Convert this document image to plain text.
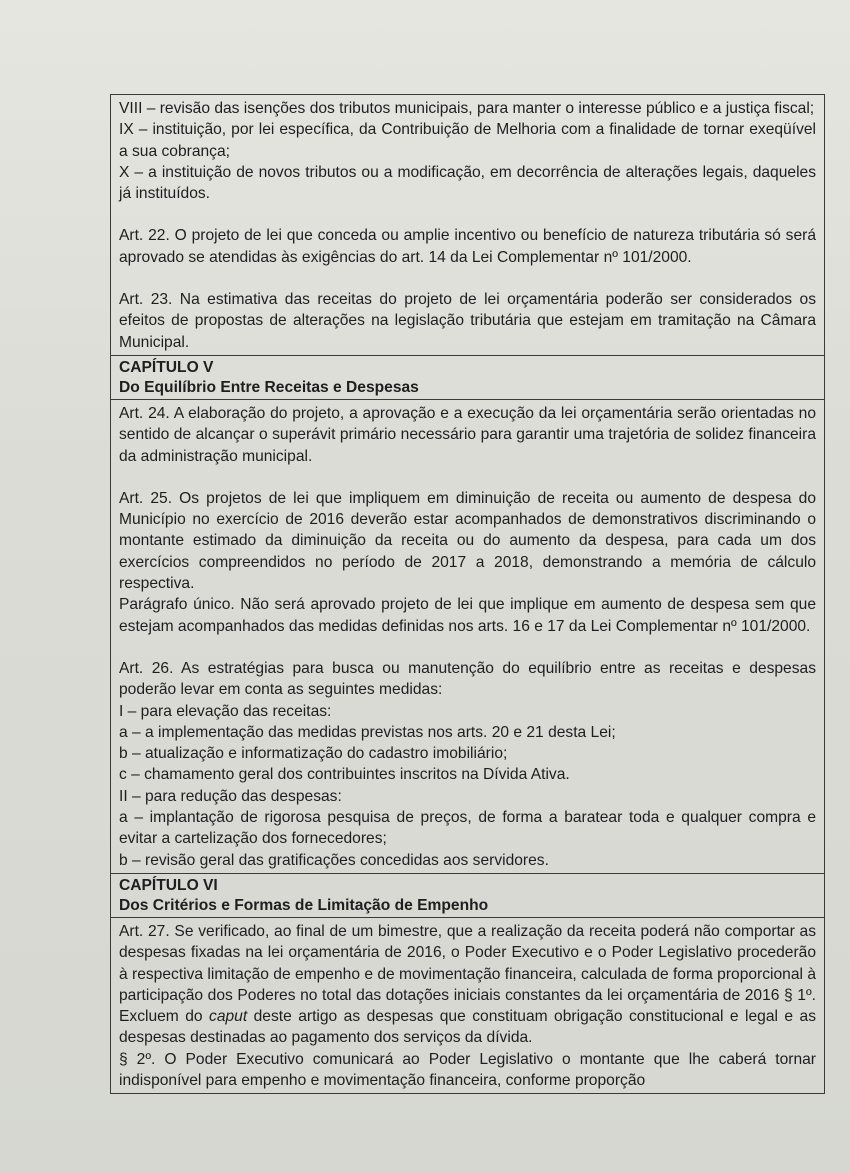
VIII – revisão das isenções dos tributos municipais, para manter o interesse público e a justiça fiscal;

IX – instituição, por lei específica, da Contribuição de Melhoria com a finalidade de tornar exeqüível a sua cobrança;

X – a instituição de novos tributos ou a modificação, em decorrência de alterações legais, daqueles já instituídos.

Art. 22. O projeto de lei que conceda ou amplie incentivo ou benefício de natureza tributária só será aprovado se atendidas às exigências do art. 14 da Lei Complementar nº 101/2000.

Art. 23. Na estimativa das receitas do projeto de lei orçamentária poderão ser considerados os efeitos de propostas de alterações na legislação tributária que estejam em tramitação na Câmara Municipal.

CAPÍTULO V
Do Equilíbrio Entre Receitas e Despesas

Art. 24. A elaboração do projeto, a aprovação e a execução da lei orçamentária serão orientadas no sentido de alcançar o superávit primário necessário para garantir uma trajetória de solidez financeira da administração municipal.

Art. 25. Os projetos de lei que impliquem em diminuição de receita ou aumento de despesa do Município no exercício de 2016 deverão estar acompanhados de demonstrativos discriminando o montante estimado da diminuição da receita ou do aumento da despesa, para cada um dos exercícios compreendidos no período de 2017 a 2018, demonstrando a memória de cálculo respectiva.

Parágrafo único. Não será aprovado projeto de lei que implique em aumento de despesa sem que estejam acompanhados das medidas definidas nos arts. 16 e 17 da Lei Complementar nº 101/2000.

Art. 26. As estratégias para busca ou manutenção do equilíbrio entre as receitas e despesas poderão levar em conta as seguintes medidas:

I – para elevação das receitas:

a – a implementação das medidas previstas nos arts. 20 e 21 desta Lei;

b – atualização e informatização do cadastro imobiliário;

c – chamamento geral dos contribuintes inscritos na Dívida Ativa.

II – para redução das despesas:

a – implantação de rigorosa pesquisa de preços, de forma a baratear toda e qualquer compra e evitar a cartelização dos fornecedores;

b – revisão geral das gratificações concedidas aos servidores.

CAPÍTULO VI
Dos Critérios e Formas de Limitação de Empenho

Art. 27. Se verificado, ao final de um bimestre, que a realização da receita poderá não comportar as despesas fixadas na lei orçamentária de 2016, o Poder Executivo e o Poder Legislativo procederão à respectiva limitação de empenho e de movimentação financeira, calculada de forma proporcional à participação dos Poderes no total das dotações iniciais constantes da lei orçamentária de 2016 § 1º. Excluem do caput deste artigo as despesas que constituam obrigação constitucional e legal e as despesas destinadas ao pagamento dos serviços da dívida.

§ 2º. O Poder Executivo comunicará ao Poder Legislativo o montante que lhe caberá tornar indisponível para empenho e movimentação financeira, conforme proporção
